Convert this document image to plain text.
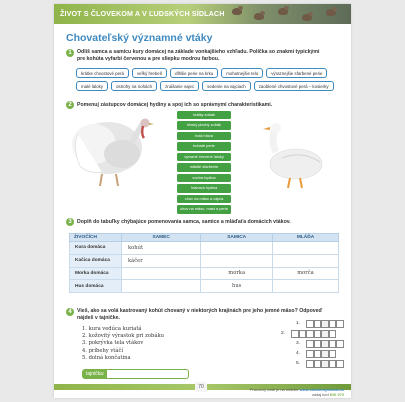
ŽIVOT S ČLOVEKOM A V ĽUDSKÝCH SÍDLACH
Chovateľský významné vtáky
1	Odlíš samca a samicu kury domácej na základe vonkajšieho vzhľadu. Políčka so znakmi typickými
pre kohúta vyfarbi červenou a pre sliepku modrou farbou.
krátke chvostové perá	veľký hrebeň	dlhšie perie na krku	mohutnejšie telo	výraznejšie sfarbené perie
malé laloky	ostrohy na nohách	znášanie vajec	sedenie na vajciach	zaoblené chvostové perá – kosierky
2	Pomenuj zástupcov domácej hydiny a spoj ich so správnymi charakteristikami.
krátky zobák
široký plochý zobák
holá hlava
bohaté perie
výrazné červené laloky
mäsité sfarbenie
vodná hydina
hrabavá hydina
chov na mäso a vajcia
chov na mäso, mast a perie
3	Doplň do tabuľky chýbajúce pomenovania samca, samice a mláďaťa domácich vtákov.
ŽIVOČÍCH	SAMEC	SAMICA	MLÁĎA
Kura domáca	kohút		
Kačica domáca	káčer		
Morka domáca		morka	morča
Hus domáca		hus	
4	Vieš, ako sa volá kastrovaný kohút chovaný v niektorých krajinách pre jeho jemné mäso? Odpoveď
nájdeš v tajničke.
1. kura vedúca kuriatá
2. kožovitý výrastok pri zobáku
3. pokrývka tela vtákov
4. príbehy vtáčí
5. dolná končatina
1.
2.
3.
4.
5.
tajnička:
70	Pracovný zošit je na stránke www.skolatvojaskola.sk
zadaj kód ΚΙΚ 070
